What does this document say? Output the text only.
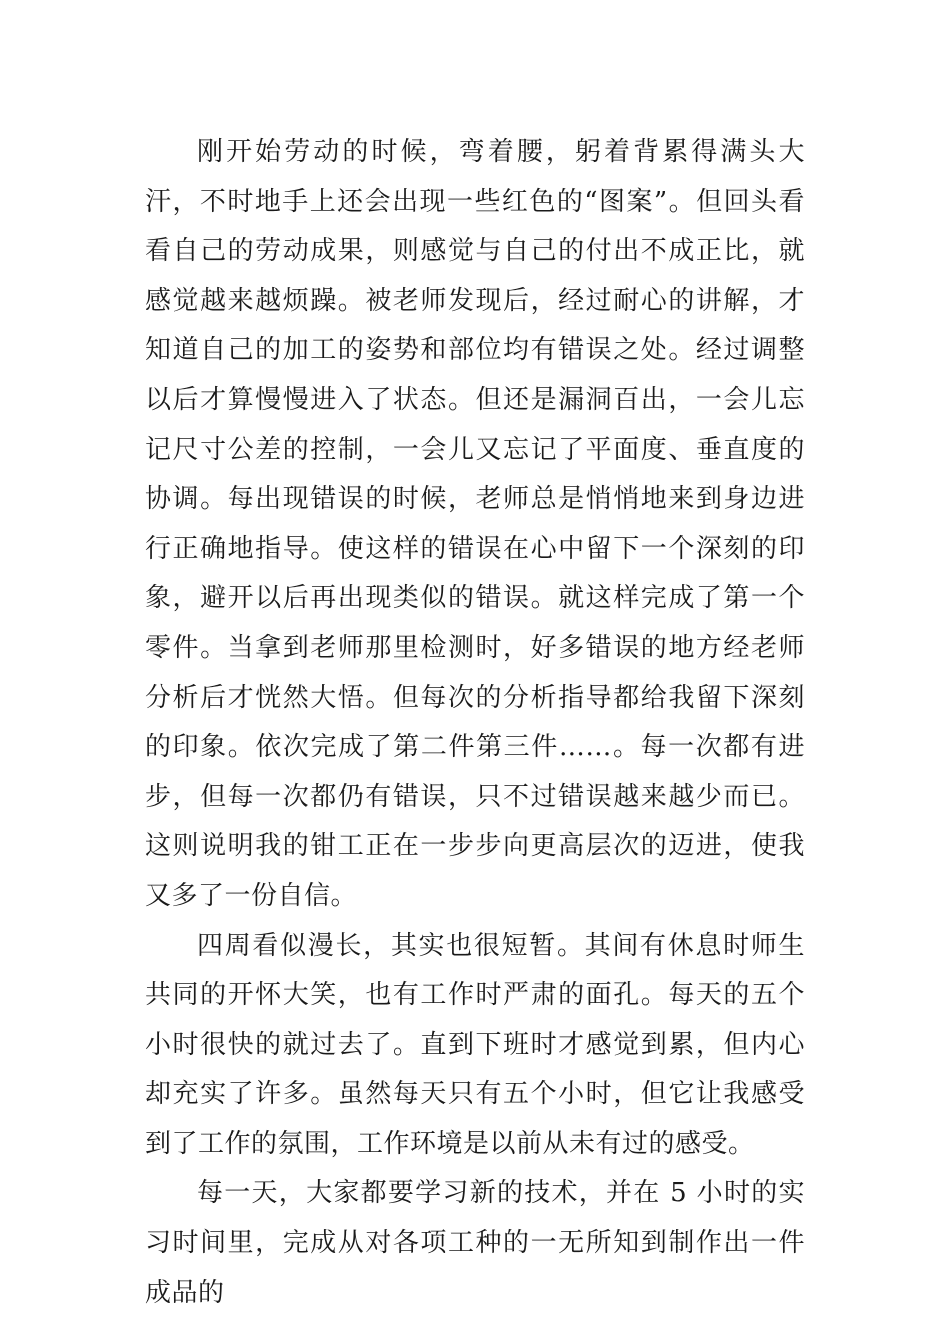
刚开始劳动的时候，弯着腰，躬着背累得满头大汗，不时地手上还会出现一些红色的“图案”。但回头看看自己的劳动成果，则感觉与自己的付出不成正比，就感觉越来越烦躁。被老师发现后，经过耐心的讲解，才知道自己的加工的姿势和部位均有错误之处。经过调整以后才算慢慢进入了状态。但还是漏洞百出，一会儿忘记尺寸公差的控制，一会儿又忘记了平面度、垂直度的协调。每出现错误的时候，老师总是悄悄地来到身边进行正确地指导。使这样的错误在心中留下一个深刻的印象，避开以后再出现类似的错误。就这样完成了第一个零件。当拿到老师那里检测时，好多错误的地方经老师分析后才恍然大悟。但每次的分析指导都给我留下深刻的印象。依次完成了第二件第三件……。每一次都有进步，但每一次都仍有错误，只不过错误越来越少而已。这则说明我的钳工正在一步步向更高层次的迈进，使我又多了一份自信。

四周看似漫长，其实也很短暂。其间有休息时师生共同的开怀大笑，也有工作时严肃的面孔。每天的五个小时很快的就过去了。直到下班时才感觉到累，但内心却充实了许多。虽然每天只有五个小时，但它让我感受到了工作的氛围，工作环境是以前从未有过的感受。

每一天，大家都要学习新的技术，并在 5 小时的实习时间里，完成从对各项工种的一无所知到制作出一件成品的
